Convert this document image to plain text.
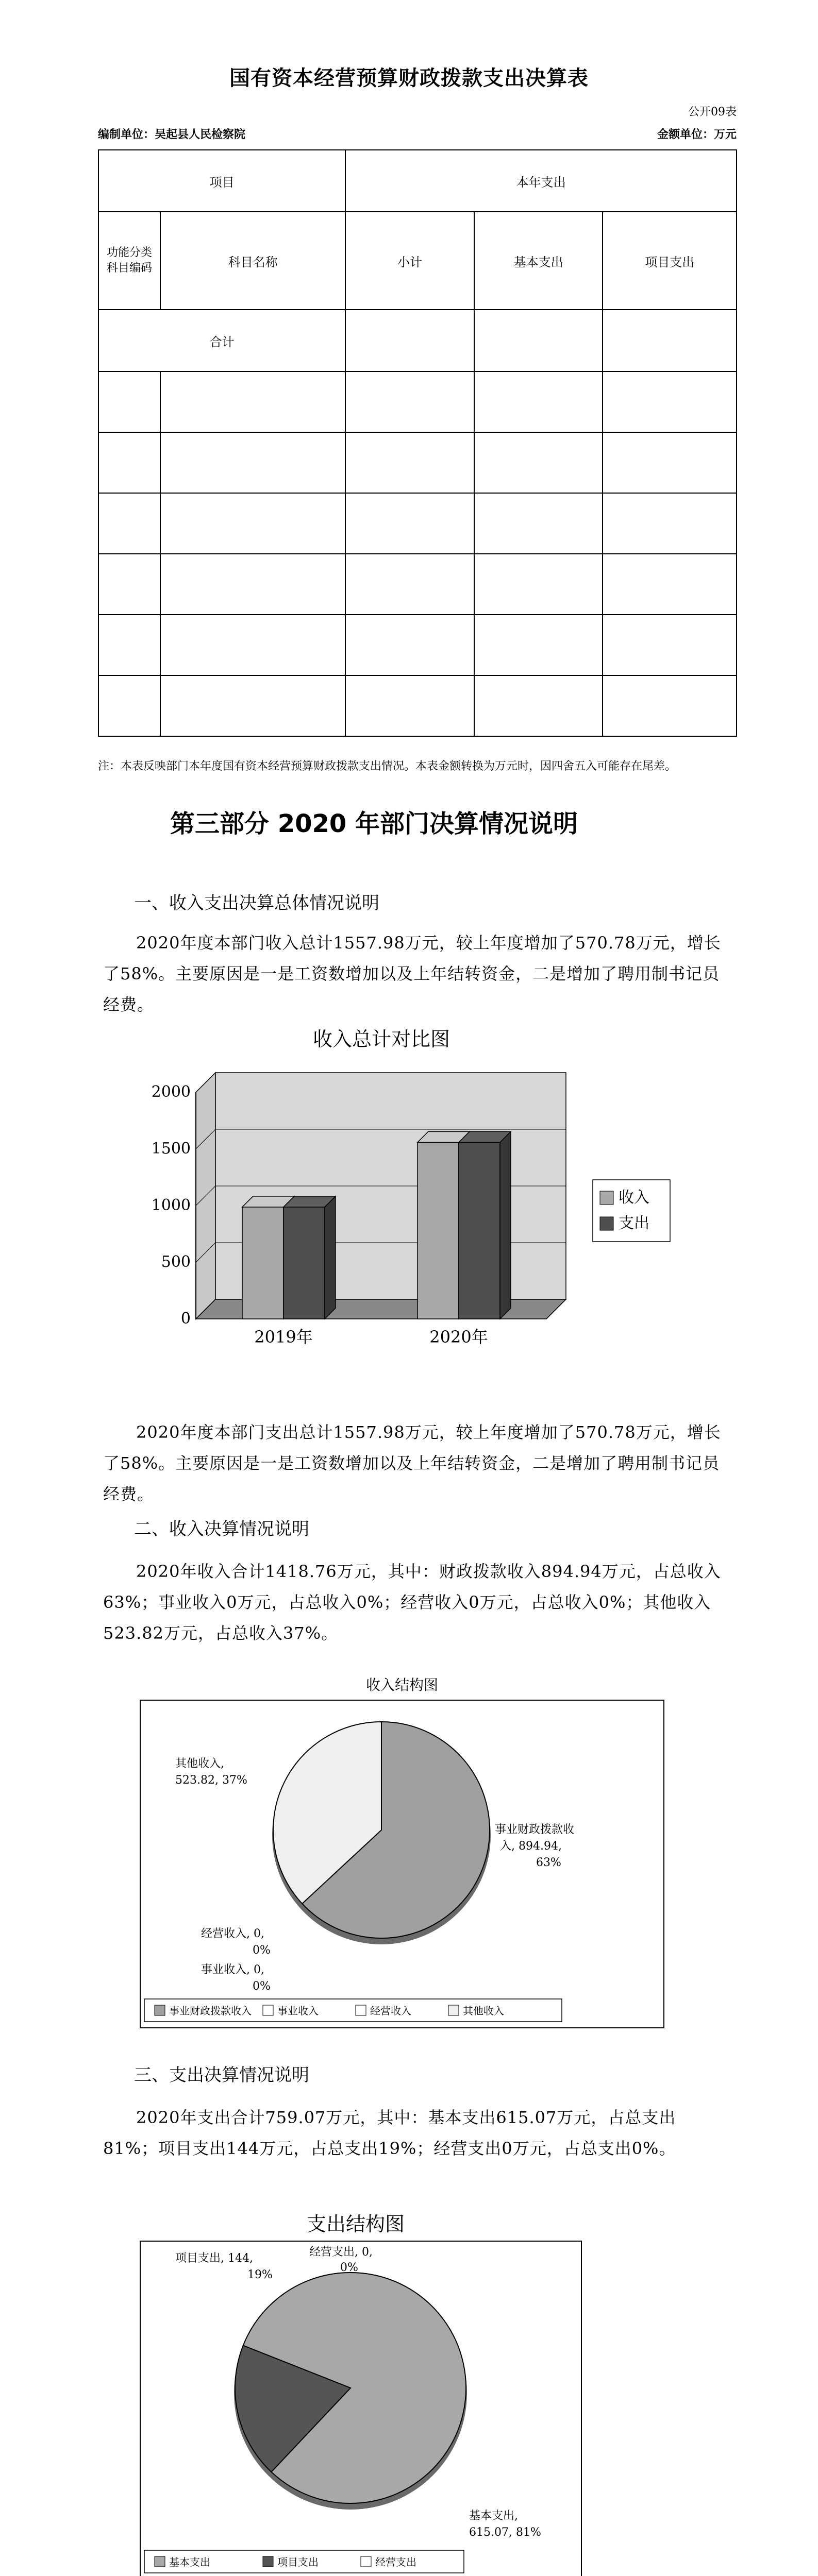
国有资本经营预算财政拨款支出决算表
公开09表
编制单位：吴起县人民检察院	金额单位：万元
项目		本年支出		
功能分类科目编码	科目名称	小计	基本支出	项目支出
合计				

注：本表反映部门本年度国有资本经营预算财政拨款支出情况。本表金额转换为万元时，因四舍五入可能存在尾差。
第三部分 2020 年部门决算情况说明
一、收入支出决算总体情况说明
2020年度本部门收入总计1557.98万元，较上年度增加了570.78万元，增长了58%。主要原因是一是工资数增加以及上年结转资金，二是增加了聘用制书记员经费。
收入总计对比图
0
500
1000
1500
2000
2019年	2020年
收入
支出
2020年度本部门支出总计1557.98万元，较上年度增加了570.78万元，增长了58%。主要原因是一是工资数增加以及上年结转资金，二是增加了聘用制书记员经费。
二、收入决算情况说明
2020年收入合计1418.76万元，其中：财政拨款收入894.94万元，占总收入63%；事业收入0万元，占总收入0%；经营收入0万元，占总收入0%；其他收入523.82万元，占总收入37%。
收入结构图
其他收入,
523.82, 37%
事业财政拨款收
入, 894.94,
63%
经营收入, 0,
0%
事业收入, 0,
0%
事业财政拨款收入	事业收入	经营收入	其他收入
三、支出决算情况说明
2020年支出合计759.07万元，其中：基本支出615.07万元，占总支出81%；项目支出144万元，占总支出19%；经营支出0万元，占总支出0%。
支出结构图
项目支出, 144,
19%
经营支出, 0,
0%
基本支出,
615.07, 81%
基本支出	项目支出	经营支出
